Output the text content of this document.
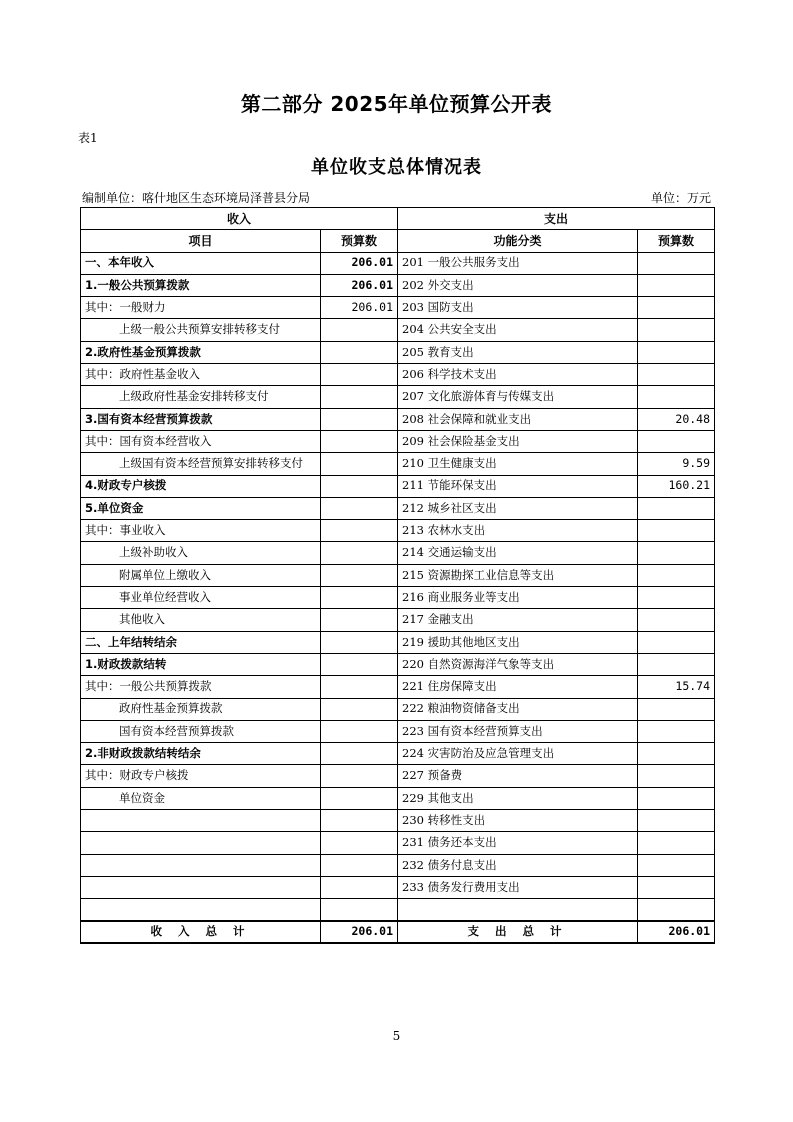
第二部分 2025年单位预算公开表
表1
单位收支总体情况表
编制单位：喀什地区生态环境局泽普县分局	单位：万元
收入		支出	
项目	预算数	功能分类	预算数
一、本年收入	206.01	201 一般公共服务支出	
1.一般公共预算拨款	206.01	202 外交支出	
其中：一般财力	206.01	203 国防支出	
上级一般公共预算安排转移支付		204 公共安全支出	
2.政府性基金预算拨款		205 教育支出	
其中：政府性基金收入		206 科学技术支出	
上级政府性基金安排转移支付		207 文化旅游体育与传媒支出	
3.国有资本经营预算拨款		208 社会保障和就业支出	20.48
其中：国有资本经营收入		209 社会保险基金支出	
上级国有资本经营预算安排转移支付		210 卫生健康支出	9.59
4.财政专户核拨		211 节能环保支出	160.21
5.单位资金		212 城乡社区支出	
其中：事业收入		213 农林水支出	
上级补助收入		214 交通运输支出	
附属单位上缴收入		215 资源勘探工业信息等支出	
事业单位经营收入		216 商业服务业等支出	
其他收入		217 金融支出	
二、上年结转结余		219 援助其他地区支出	
1.财政拨款结转		220 自然资源海洋气象等支出	
其中：一般公共预算拨款		221 住房保障支出	15.74
政府性基金预算拨款		222 粮油物资储备支出	
国有资本经营预算拨款		223 国有资本经营预算支出	
2.非财政拨款结转结余		224 灾害防治及应急管理支出	
其中：财政专户核拨		227 预备费	
单位资金		229 其他支出	
		230 转移性支出	
		231 债务还本支出	
		232 债务付息支出	
		233 债务发行费用支出	

收 入 总 计	206.01	支 出 总 计	206.01
5
